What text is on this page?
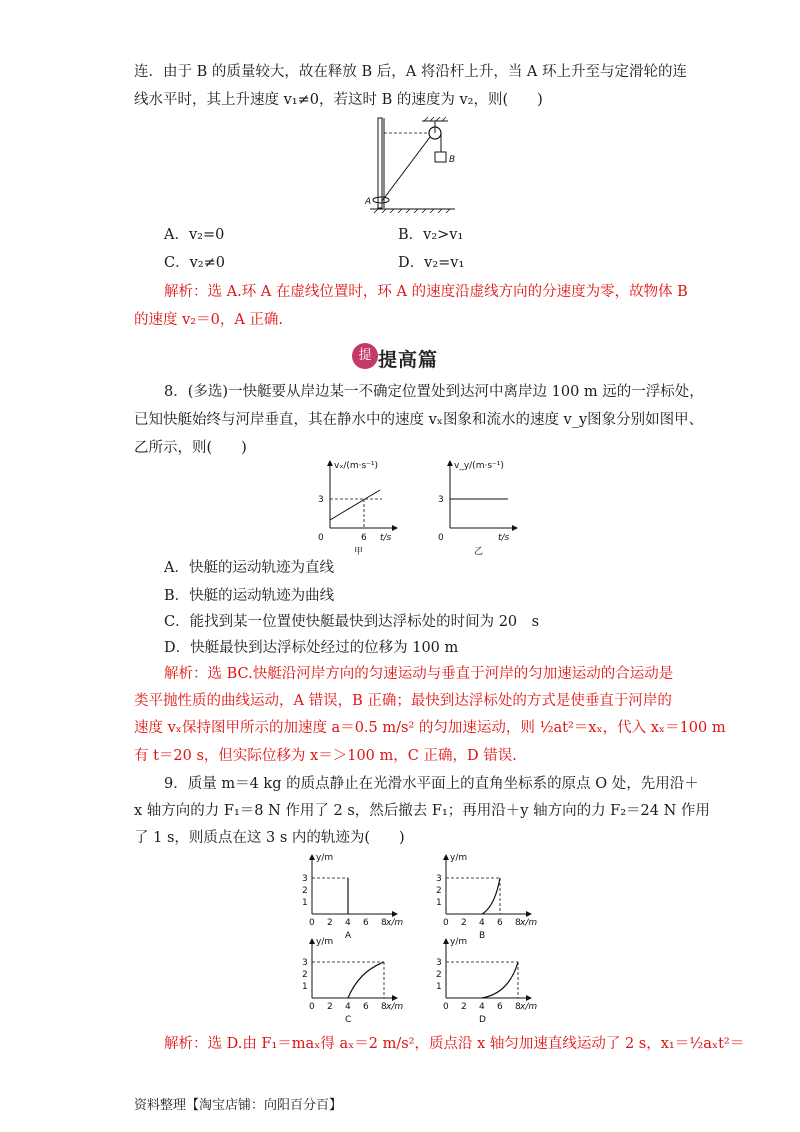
连．由于 B 的质量较大，故在释放 B 后，A 将沿杆上升，当 A 环上升至与定滑轮的连
线水平时，其上升速度 v₁≠0，若这时 B 的速度为 v₂，则(　　)
B
A
A．v₂=0	B．v₂>v₁
C．v₂≠0	D．v₂=v₁
解析：选 A.环 A 在虚线位置时，环 A 的速度沿虚线方向的分速度为零，故物体 B
的速度 v₂＝0，A 正确.
提 提高篇
8．(多选)一快艇要从岸边某一不确定位置处到达河中离岸边 100 m 远的一浮标处，
已知快艇始终与河岸垂直，其在静水中的速度 vₓ图象和流水的速度 v_y图象分别如图甲、
乙所示，则(　　)
vₓ/(m·s⁻¹)
3
0	6 t/s
甲
v_y/(m·s⁻¹)
3
0	t/s
乙
A．快艇的运动轨迹为直线
B．快艇的运动轨迹为曲线
C．能找到某一位置使快艇最快到达浮标处的时间为 20　s
D．快艇最快到达浮标处经过的位移为 100 m
解析：选 BC.快艇沿河岸方向的匀速运动与垂直于河岸的匀加速运动的合运动是
类平抛性质的曲线运动，A 错误，B 正确；最快到达浮标处的方式是使垂直于河岸的
速度 vₓ保持图甲所示的加速度 a＝0.5 m/s² 的匀加速运动，则 ½at²＝xₓ，代入 xₓ＝100 m
有 t＝20 s，但实际位移为 x＝＞100 m，C 正确，D 错误.
9．质量 m＝4 kg 的质点静止在光滑水平面上的直角坐标系的原点 O 处，先用沿＋
x 轴方向的力 F₁＝8 N 作用了 2 s，然后撤去 F₁；再用沿＋y 轴方向的力 F₂＝24 N 作用
了 1 s，则质点在这 3 s 内的轨迹为(　　)
0 2 4 6 8
1
2
3
y/m
x/m
A
0 2 4 6 8
1
2
3
y/m
x/m
B
0 2 4 6 8
1
2
3
y/m
x/m
C
0 2 4 6 8
1
2
3
y/m
x/m
D
解析：选 D.由 F₁＝maₓ得 aₓ＝2 m/s²，质点沿 x 轴匀加速直线运动了 2 s，x₁＝½aₓt²＝
资料整理【淘宝店铺：向阳百分百】
